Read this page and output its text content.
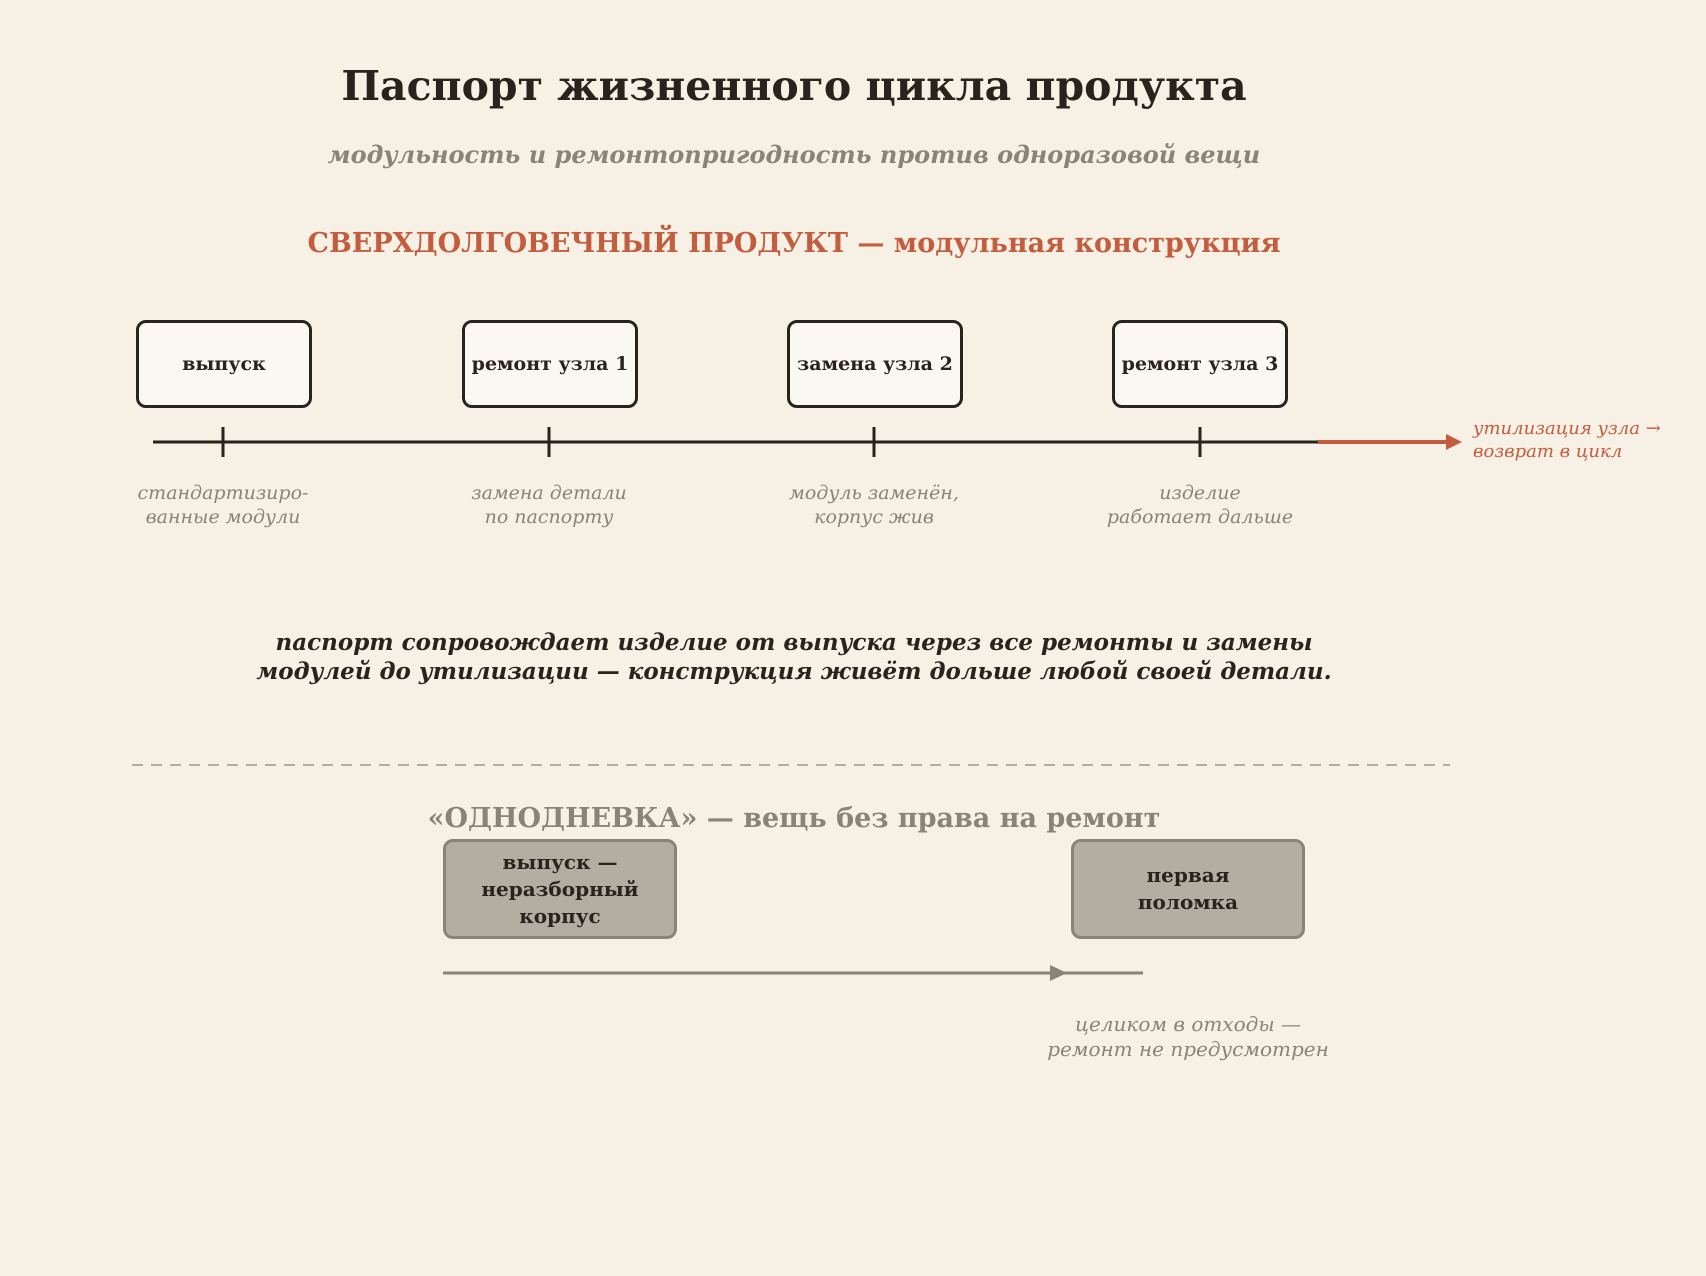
Паспорт жизненного цикла продукта
модульность и ремонтопригодность против одноразовой вещи
СВЕРХДОЛГОВЕЧНЫЙ ПРОДУКТ — модульная конструкция
выпуск	ремонт узла 1	замена узла 2	ремонт узла 3
стандартизиро-
ванные модули
замена детали
по паспорту
модуль заменён,
корпус жив
изделие
работает дальше
утилизация узла →
возврат в цикл
паспорт сопровождает изделие от выпуска через все ремонты и замены
модулей до утилизации — конструкция живёт дольше любой своей детали.
«ОДНОДНЕВКА» — вещь без права на ремонт
выпуск —
неразборный корпус
первая
поломка
целиком в отходы —
ремонт не предусмотрен
